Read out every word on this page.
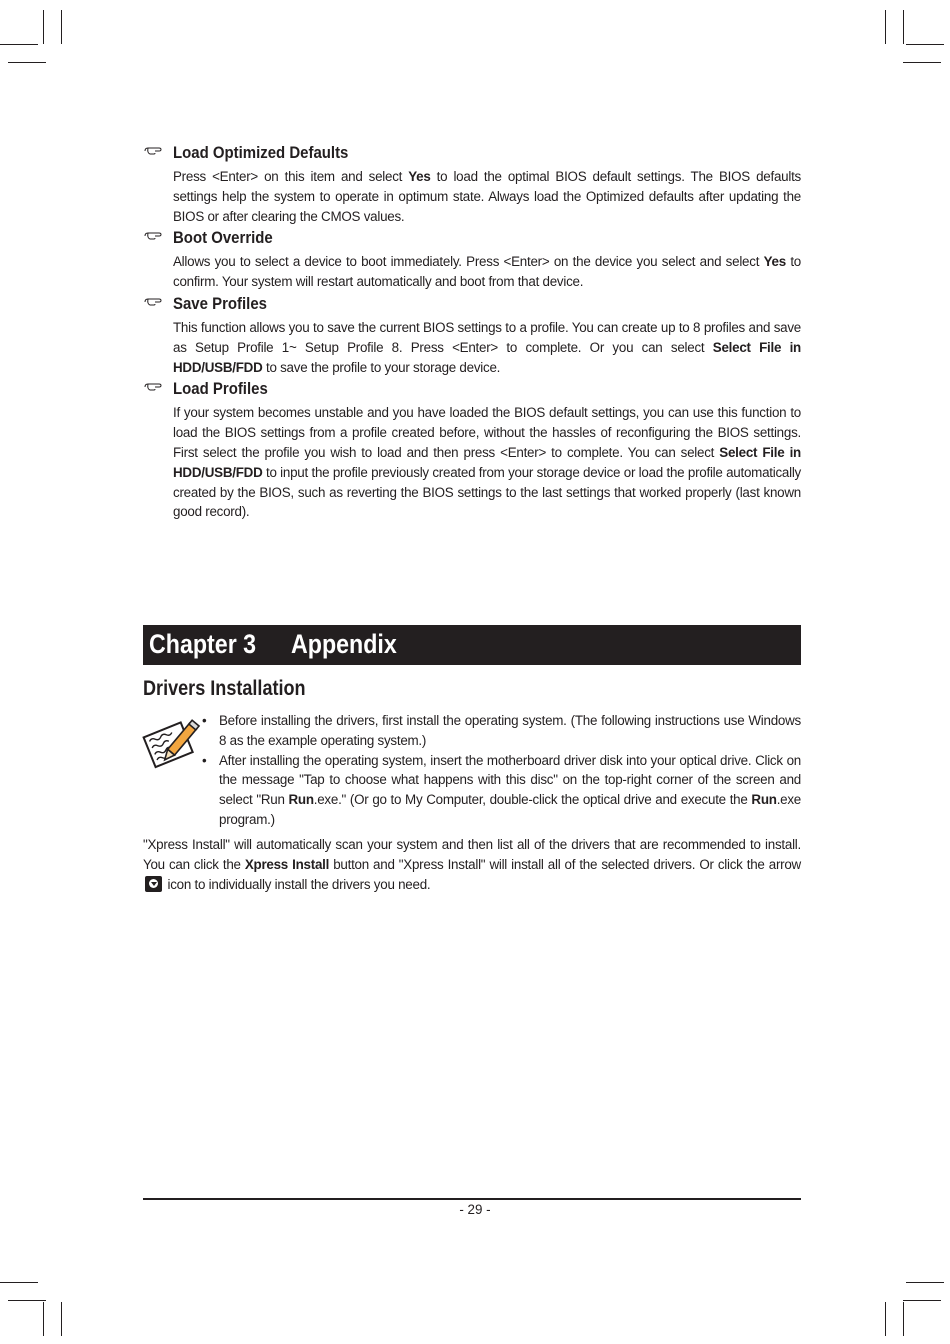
Load Optimized Defaults
Press <Enter> on this item and select Yes to load the optimal BIOS default settings. The BIOS defaults settings help the system to operate in optimum state. Always load the Optimized defaults after updating the BIOS or after clearing the CMOS values.
Boot Override
Allows you to select a device to boot immediately. Press <Enter> on the device you select and select Yes to confirm. Your system will restart automatically and boot from that device.
Save Profiles
This function allows you to save the current BIOS settings to a profile. You can create up to 8 profiles and save as Setup Profile 1~ Setup Profile 8. Press <Enter> to complete. Or you can select Select File in HDD/USB/FDD to save the profile to your storage device.
Load Profiles
If your system becomes unstable and you have loaded the BIOS default settings, you can use this function to load the BIOS settings from a profile created before, without the hassles of reconfiguring the BIOS settings. First select the profile you wish to load and then press <Enter> to complete. You can select Select File in HDD/USB/FDD to input the profile previously created from your storage device or load the profile automatically created by the BIOS, such as reverting the BIOS settings to the last settings that worked properly (last known good record).
Chapter 3 Appendix
Drivers Installation
• Before installing the drivers, first install the operating system. (The following instructions use Windows 8 as the example operating system.)
• After installing the operating system, insert the motherboard driver disk into your optical drive. Click on the message "Tap to choose what happens with this disc" on the top-right corner of the screen and select "Run Run.exe." (Or go to My Computer, double-click the optical drive and execute the Run.exe program.)
"Xpress Install" will automatically scan your system and then list all of the drivers that are recommended to install. You can click the Xpress Install button and "Xpress Install" will install all of the selected drivers. Or click the arrow  icon to individually install the drivers you need.
- 29 -
